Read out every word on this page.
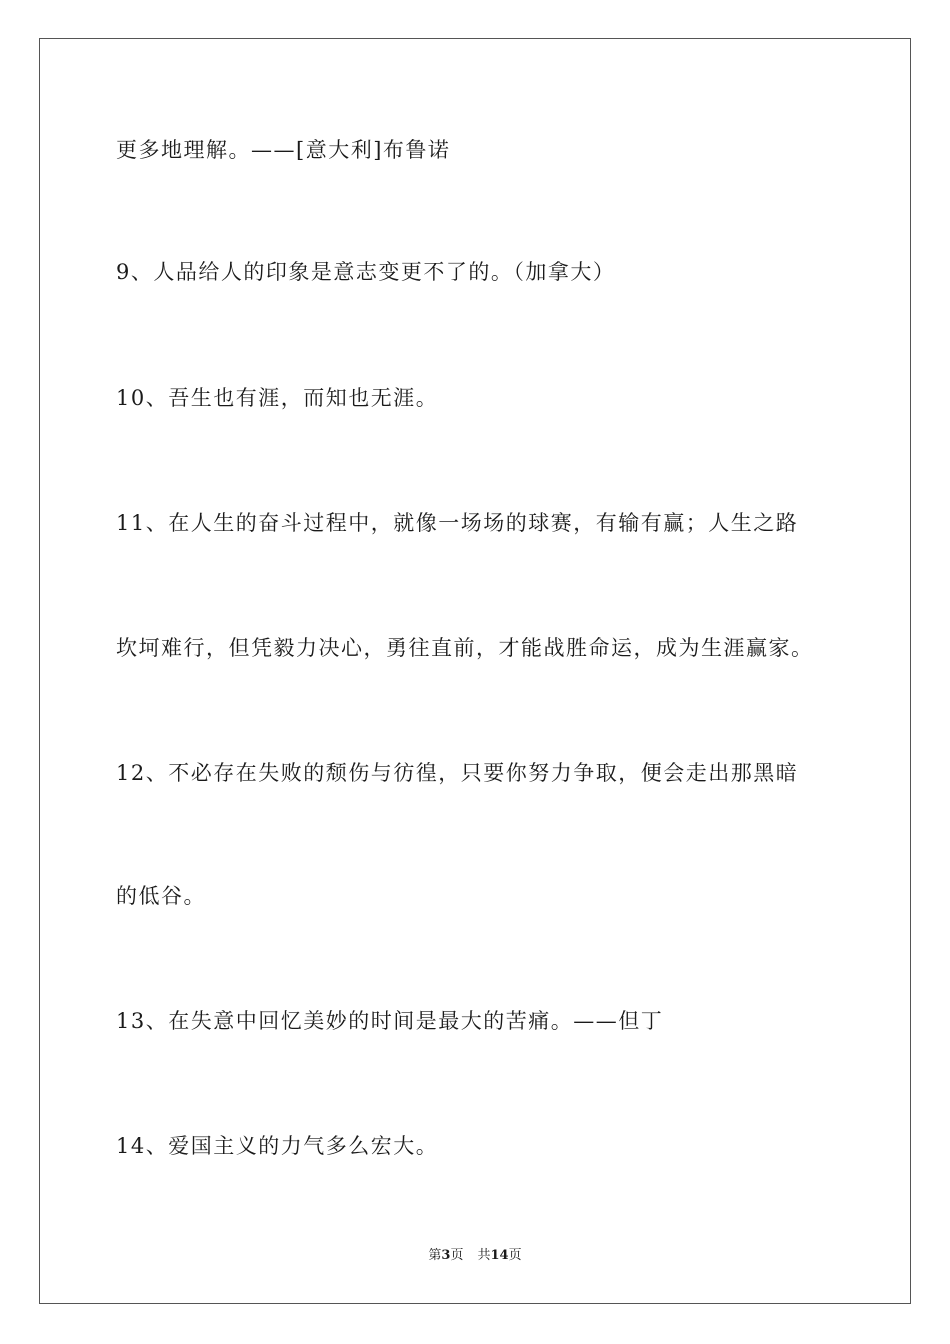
更多地理解。——[意大利]布鲁诺
9、人品给人的印象是意志变更不了的。（加拿大）
10、吾生也有涯，而知也无涯。
11、在人生的奋斗过程中，就像一场场的球赛，有输有赢；人生之路
坎坷难行，但凭毅力决心，勇往直前，才能战胜命运，成为生涯赢家。
12、不必存在失败的颓伤与彷徨，只要你努力争取，便会走出那黑暗
的低谷。
13、在失意中回忆美妙的时间是最大的苦痛。——但丁
14、爱国主义的力气多么宏大。
第3页 共14页
